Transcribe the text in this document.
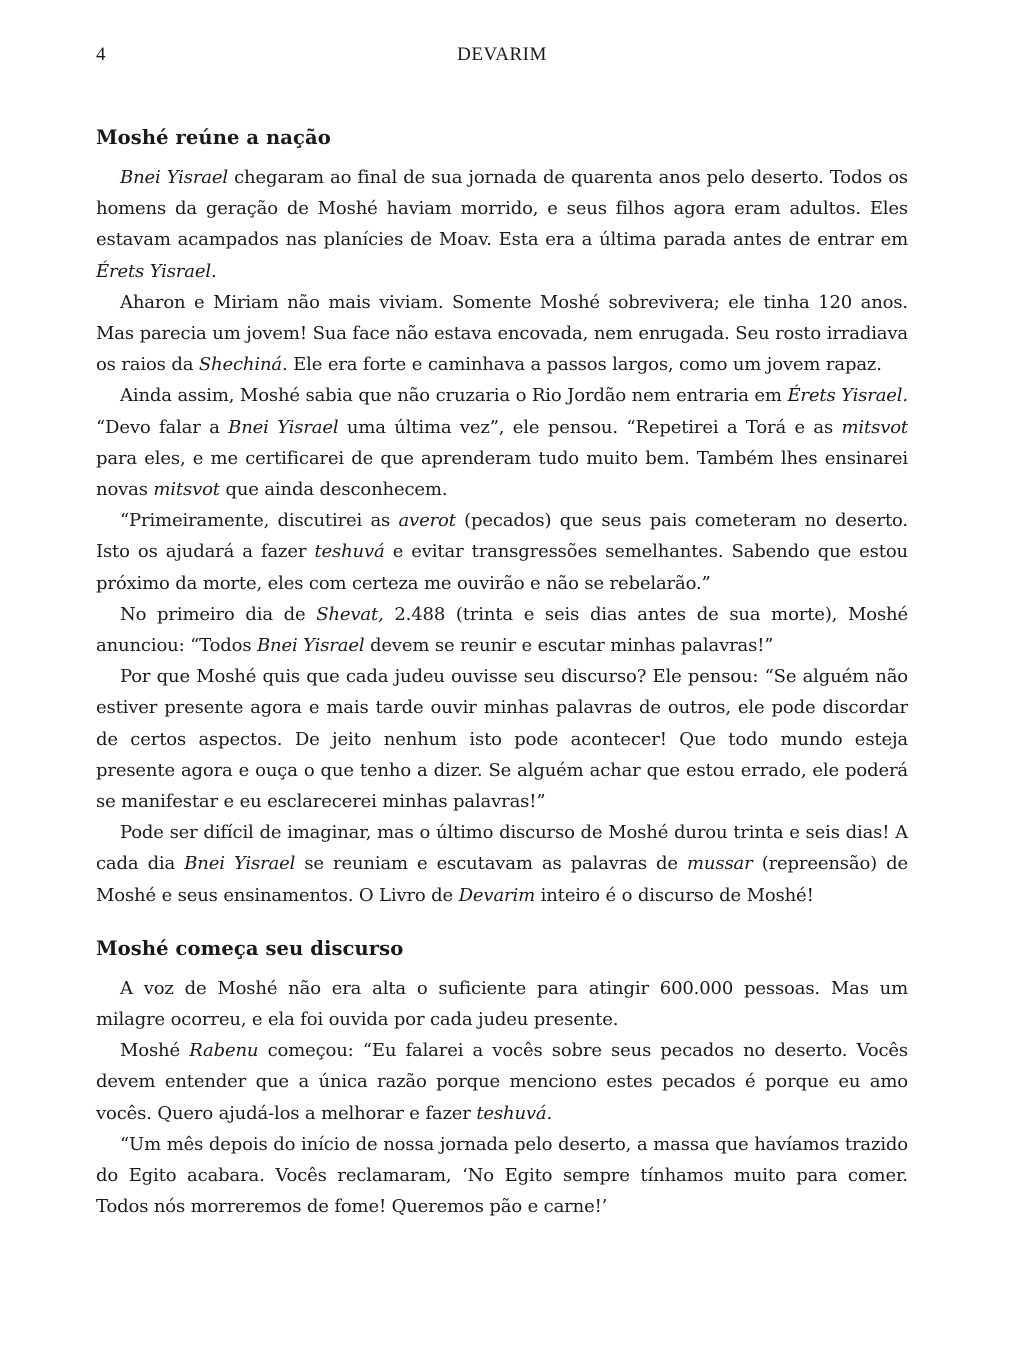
4	DEVARIM
Moshé reúne a nação

Bnei Yisrael chegaram ao final de sua jornada de quarenta anos pelo deserto. Todos os homens da geração de Moshé haviam morrido, e seus filhos agora eram adultos. Eles estavam acampados nas planícies de Moav. Esta era a última parada antes de entrar em Érets Yisrael.

Aharon e Miriam não mais viviam. Somente Moshé sobrevivera; ele tinha 120 anos. Mas parecia um jovem! Sua face não estava encovada, nem enrugada. Seu rosto irradiava os raios da Shechiná. Ele era forte e caminhava a passos largos, como um jovem rapaz.

Ainda assim, Moshé sabia que não cruzaria o Rio Jordão nem entraria em Érets Yisrael. “Devo falar a Bnei Yisrael uma última vez”, ele pensou. “Repetirei a Torá e as mitsvot para eles, e me certificarei de que aprenderam tudo muito bem. Também lhes ensinarei novas mitsvot que ainda desconhecem.

“Primeiramente, discutirei as averot (pecados) que seus pais cometeram no deserto. Isto os ajudará a fazer teshuvá e evitar transgressões semelhantes. Sabendo que estou próximo da morte, eles com certeza me ouvirão e não se rebelarão.”

No primeiro dia de Shevat, 2.488 (trinta e seis dias antes de sua morte), Moshé anunciou: “Todos Bnei Yisrael devem se reunir e escutar minhas palavras!”

Por que Moshé quis que cada judeu ouvisse seu discurso? Ele pensou: “Se alguém não estiver presente agora e mais tarde ouvir minhas palavras de outros, ele pode discordar de certos aspectos. De jeito nenhum isto pode acontecer! Que todo mundo esteja presente agora e ouça o que tenho a dizer. Se alguém achar que estou errado, ele poderá se manifestar e eu esclarecerei minhas palavras!”

Pode ser difícil de imaginar, mas o último discurso de Moshé durou trinta e seis dias! A cada dia Bnei Yisrael se reuniam e escutavam as palavras de mussar (repreensão) de Moshé e seus ensinamentos. O Livro de Devarim inteiro é o discurso de Moshé!

Moshé começa seu discurso

A voz de Moshé não era alta o suficiente para atingir 600.000 pessoas. Mas um milagre ocorreu, e ela foi ouvida por cada judeu presente.

Moshé Rabenu começou: “Eu falarei a vocês sobre seus pecados no deserto. Vocês devem entender que a única razão porque menciono estes pecados é porque eu amo vocês. Quero ajudá-los a melhorar e fazer teshuvá.

“Um mês depois do início de nossa jornada pelo deserto, a massa que havíamos trazido do Egito acabara. Vocês reclamaram, ‘No Egito sempre tínhamos muito para comer. Todos nós morreremos de fome! Queremos pão e carne!’
